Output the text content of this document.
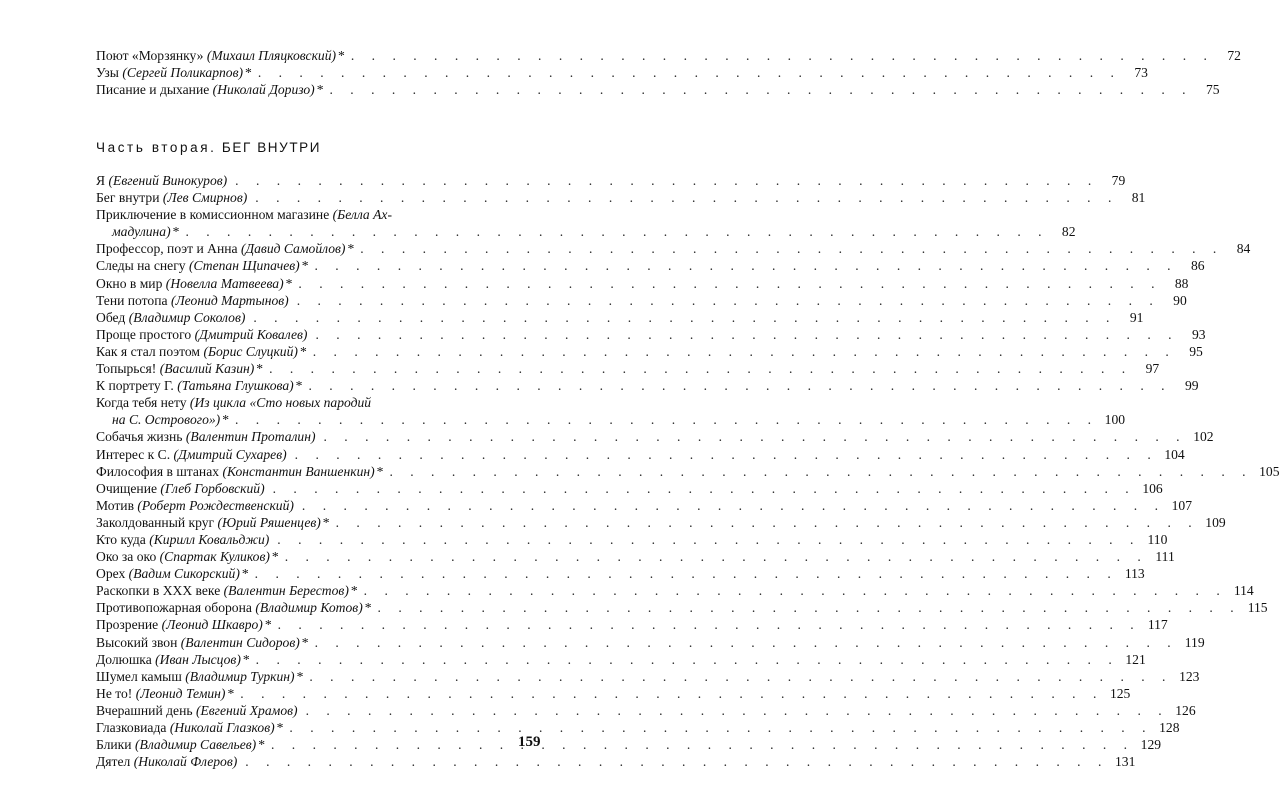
Поют «Морзянку» (Михаил Пляцковский) * . . .	72
Узы (Сергей Поликарпов) * . . .	73
Писание и дыхание (Николай Доризо) * . . .	75
Часть вторая. БЕГ ВНУТРИ
Я (Евгений Винокуров) . . .	79
Бег внутри (Лев Смирнов) . . .	81
Приключение в комиссионном магазине (Белла Ах-
мадулина) * . . .	82
Профессор, поэт и Анна (Давид Самойлов) * . . .	84
Следы на снегу (Степан Щипачев) * . . .	86
Окно в мир (Новелла Матвеева) * . . .	88
Тени потопа (Леонид Мартынов) . . .	90
Обед (Владимир Соколов) . . .	91
Проще простого (Дмитрий Ковалев) . . .	93
Как я стал поэтом (Борис Слуцкий) * . . .	95
Топырься! (Василий Казин) * . . .	97
К портрету Г. (Татьяна Глушкова) * . . .	99
Когда тебя нету (Из цикла «Сто новых пародий
на С. Островoго») * . . .	100
Собачья жизнь (Валентин Проталин) . . .	102
Интерес к С. (Дмитрий Сухарев) . . .	104
Философия в штанах (Константин Ваншенкин) * . . .	105
Очищение (Глеб Горбовский) . . .	106
Мотив (Роберт Рождественский) . . .	107
Заколдованный круг (Юрий Ряшенцев) * . . .	109
Кто куда (Кирилл Ковальджи) . . .	110
Око за око (Спартак Куликов) * . . .	111
Орех (Вадим Сикорский) * . . .	113
Раскопки в XXX веке (Валентин Берестов) * . . .	114
Противопожарная оборона (Владимир Котов) * . . .	115
Прозрение (Леонид Шкавро) * . . .	117
Высокий звон (Валентин Сидоров) * . . .	119
Долюшка (Иван Лысцов) * . . .	121
Шумел камыш (Владимир Туркин) * . . .	123
Не то! (Леонид Темин) * . . .	125
Вчерашний день (Евгений Храмов) . . .	126
Глазковиада (Николай Глазков) * . . .	128
Блики (Владимир Савельев) * . . .	129
Дятел (Николай Флеров) . . .	131
159
